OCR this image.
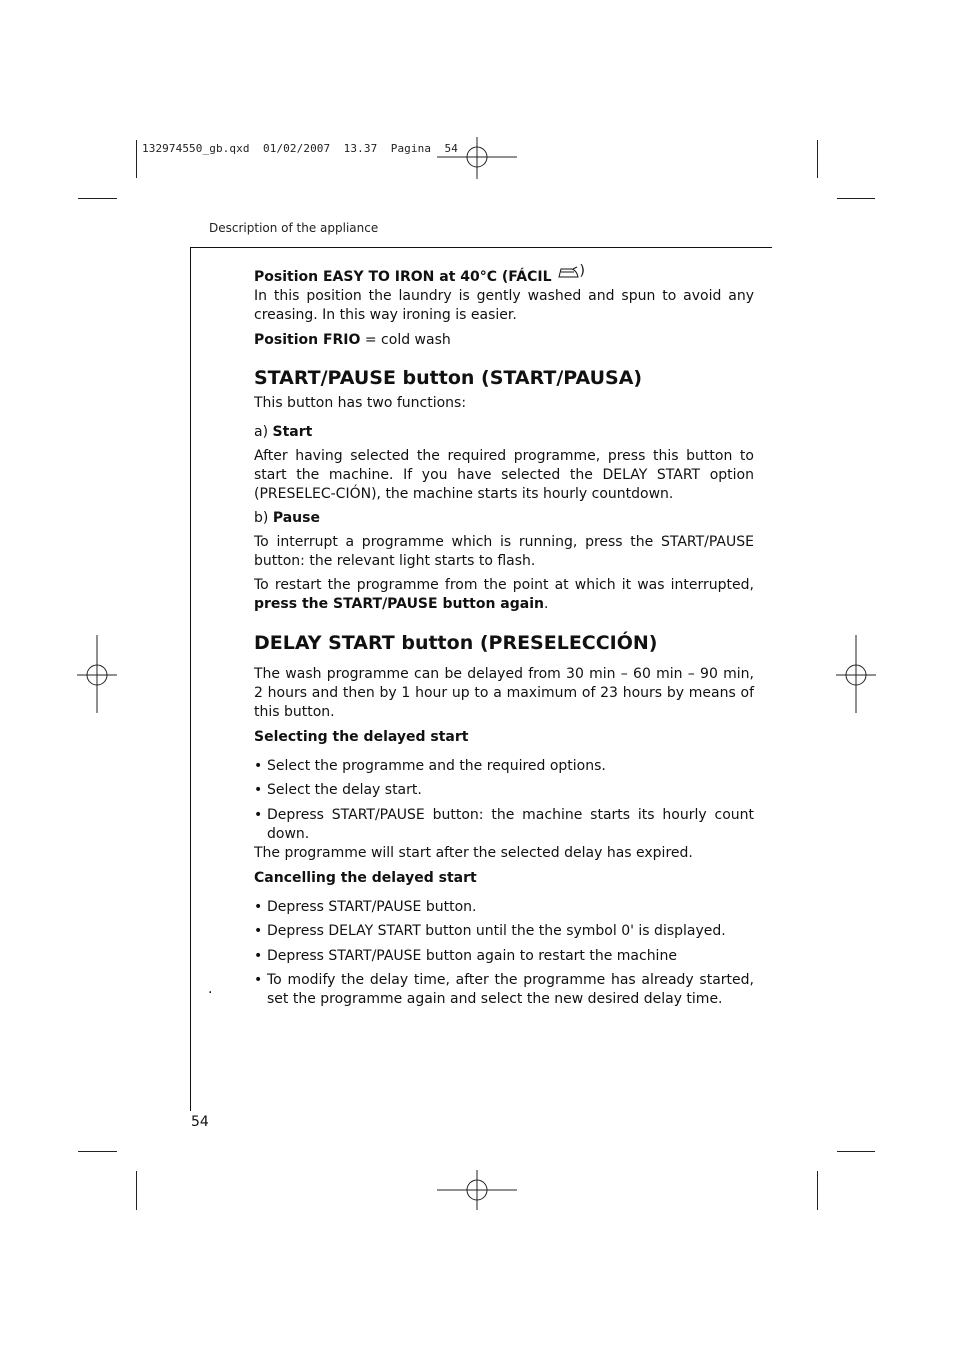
132974550_gb.qxd  01/02/2007  13.37  Pagina  54
Description of the appliance
54
.
Position EASY TO IRON at 40°C (FÁCIL )

In this position the laundry is gently washed and spun to avoid any creasing. In this way ironing is easier.

Position FRIO = cold wash

START/PAUSE button (START/PAUSA)

This button has two functions:

a) Start

After having selected the required programme, press this button to start the machine. If you have selected the DELAY START option (PRESELEC-CIÓN), the machine starts its hourly countdown.

b) Pause

To interrupt a programme which is running, press the START/PAUSE button: the relevant light starts to flash.

To restart the programme from the point at which it was interrupted, press the START/PAUSE button again.

DELAY START button (PRESELECCIÓN)

The wash programme can be delayed from 30 min – 60 min – 90 min, 2 hours and then by 1 hour up to a maximum of 23 hours by means of this button.

Selecting the delayed start

• Select the programme and the required options.
• Select the delay start.
• Depress START/PAUSE button: the machine starts its hourly count down.

The programme will start after the selected delay has expired.

Cancelling the delayed start

• Depress START/PAUSE button.
• Depress DELAY START button until the the symbol 0' is displayed.
• Depress START/PAUSE button again to restart the machine
• To modify the delay time, after the programme has already started, set the programme again and select the new desired delay time.
